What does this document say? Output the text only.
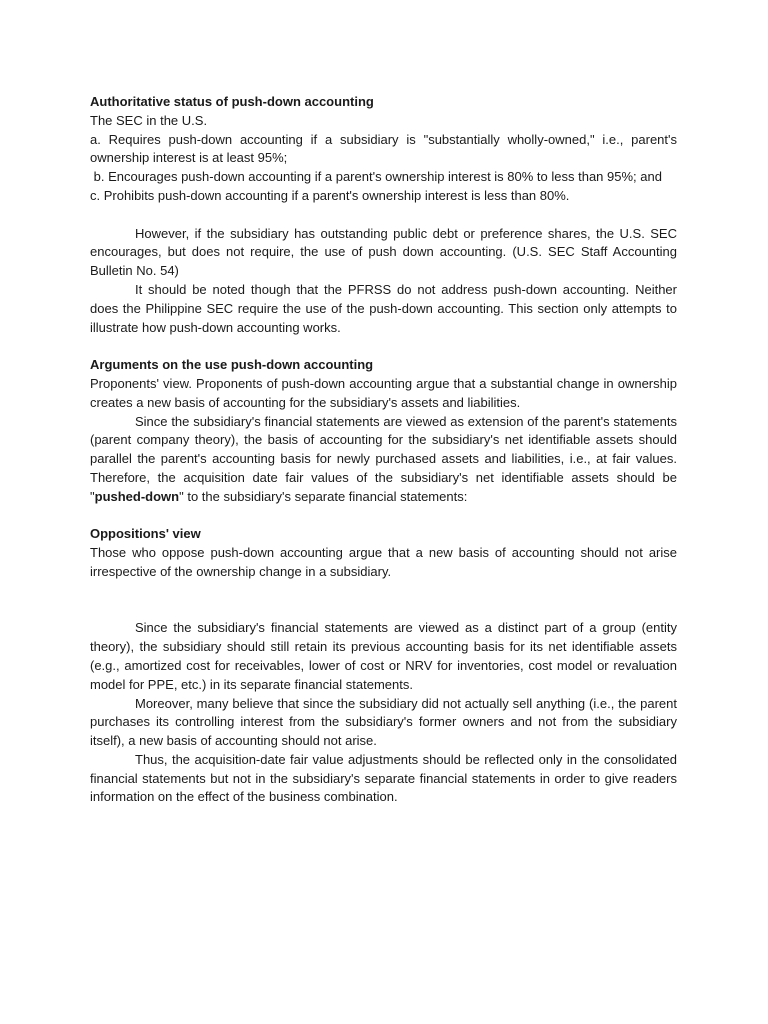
Authoritative status of push-down accounting

The SEC in the U.S.

a. Requires push-down accounting if a subsidiary is "substantially wholly-owned," i.e., parent's ownership interest is at least 95%;

b. Encourages push-down accounting if a parent's ownership interest is 80% to less than 95%; and

c. Prohibits push-down accounting if a parent's ownership interest is less than 80%.

However, if the subsidiary has outstanding public debt or preference shares, the U.S. SEC encourages, but does not require, the use of push down accounting. (U.S. SEC Staff Accounting Bulletin No. 54)

It should be noted though that the PFRSS do not address push-down accounting. Neither does the Philippine SEC require the use of the push-down accounting. This section only attempts to illustrate how push-down accounting works.

Arguments on the use push-down accounting

Proponents' view. Proponents of push-down accounting argue that a substantial change in ownership creates a new basis of accounting for the subsidiary's assets and liabilities.

Since the subsidiary's financial statements are viewed as extension of the parent's statements (parent company theory), the basis of accounting for the subsidiary's net identifiable assets should parallel the parent's accounting basis for newly purchased assets and liabilities, i.e., at fair values. Therefore, the acquisition date fair values of the subsidiary's net identifiable assets should be "pushed-down" to the subsidiary's separate financial statements:

Oppositions' view

Those who oppose push-down accounting argue that a new basis of accounting should not arise irrespective of the ownership change in a subsidiary.

Since the subsidiary's financial statements are viewed as a distinct part of a group (entity theory), the subsidiary should still retain its previous accounting basis for its net identifiable assets (e.g., amortized cost for receivables, lower of cost or NRV for inventories, cost model or revaluation model for PPE, etc.) in its separate financial statements.

Moreover, many believe that since the subsidiary did not actually sell anything (i.e., the parent purchases its controlling interest from the subsidiary's former owners and not from the subsidiary itself), a new basis of accounting should not arise.

Thus, the acquisition-date fair value adjustments should be reflected only in the consolidated financial statements but not in the subsidiary's separate financial statements in order to give readers information on the effect of the business combination.
